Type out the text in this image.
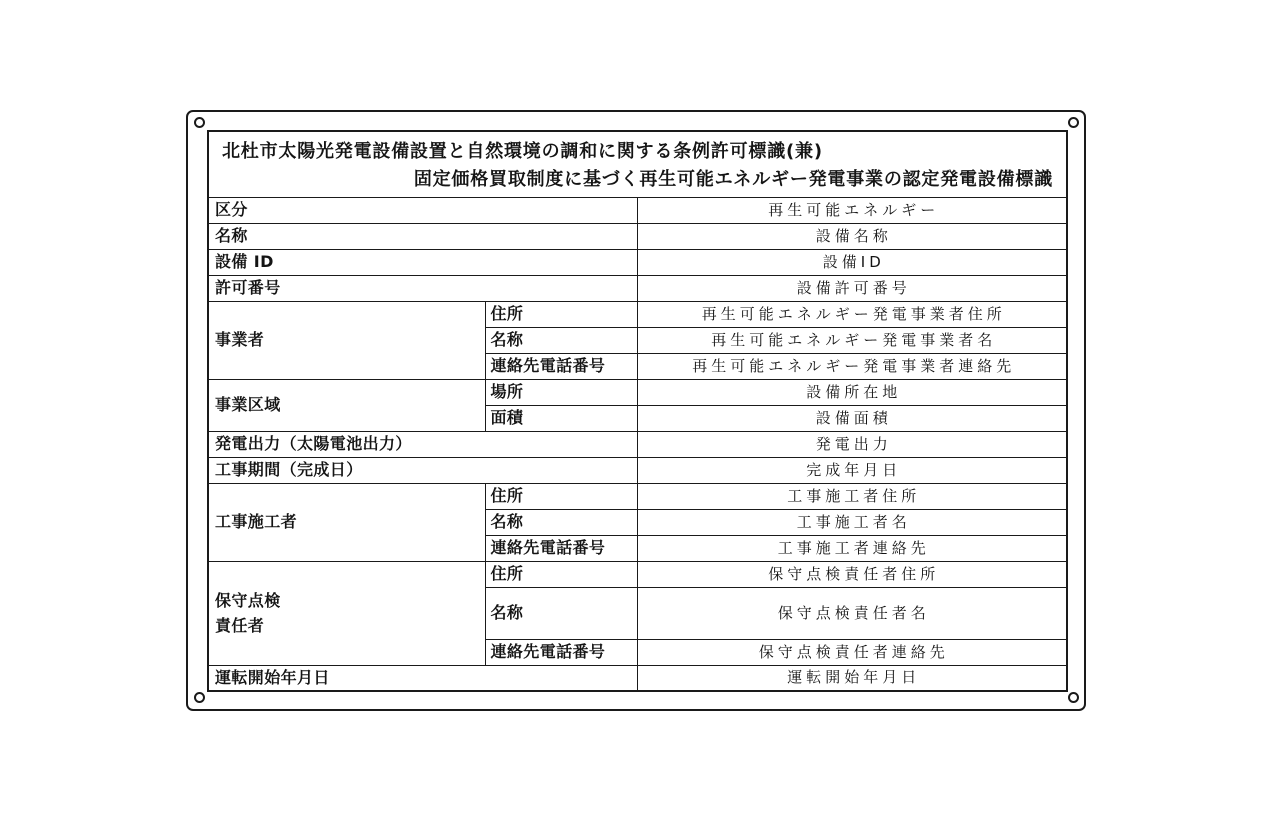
北杜市太陽光発電設備設置と自然環境の調和に関する条例許可標識(兼)
固定価格買取制度に基づく再生可能エネルギー発電事業の認定発電設備標識		

区分		再生可能エネルギー
名称		設備名称
設備 ID		設備ID
許可番号		設備許可番号
事業者	住所	再生可能エネルギー発電事業者住所
	名称	再生可能エネルギー発電事業者名
	連絡先電話番号	再生可能エネルギー発電事業者連絡先
事業区域	場所	設備所在地
	面積	設備面積
発電出力（太陽電池出力）		発電出力
工事期間（完成日）		完成年月日
工事施工者	住所	工事施工者住所
	名称	工事施工者名
	連絡先電話番号	工事施工者連絡先

保守点検
責任者	住所	保守点検責任者住所
	名称	保守点検責任者名
	連絡先電話番号	保守点検責任者連絡先
運転開始年月日		運転開始年月日
